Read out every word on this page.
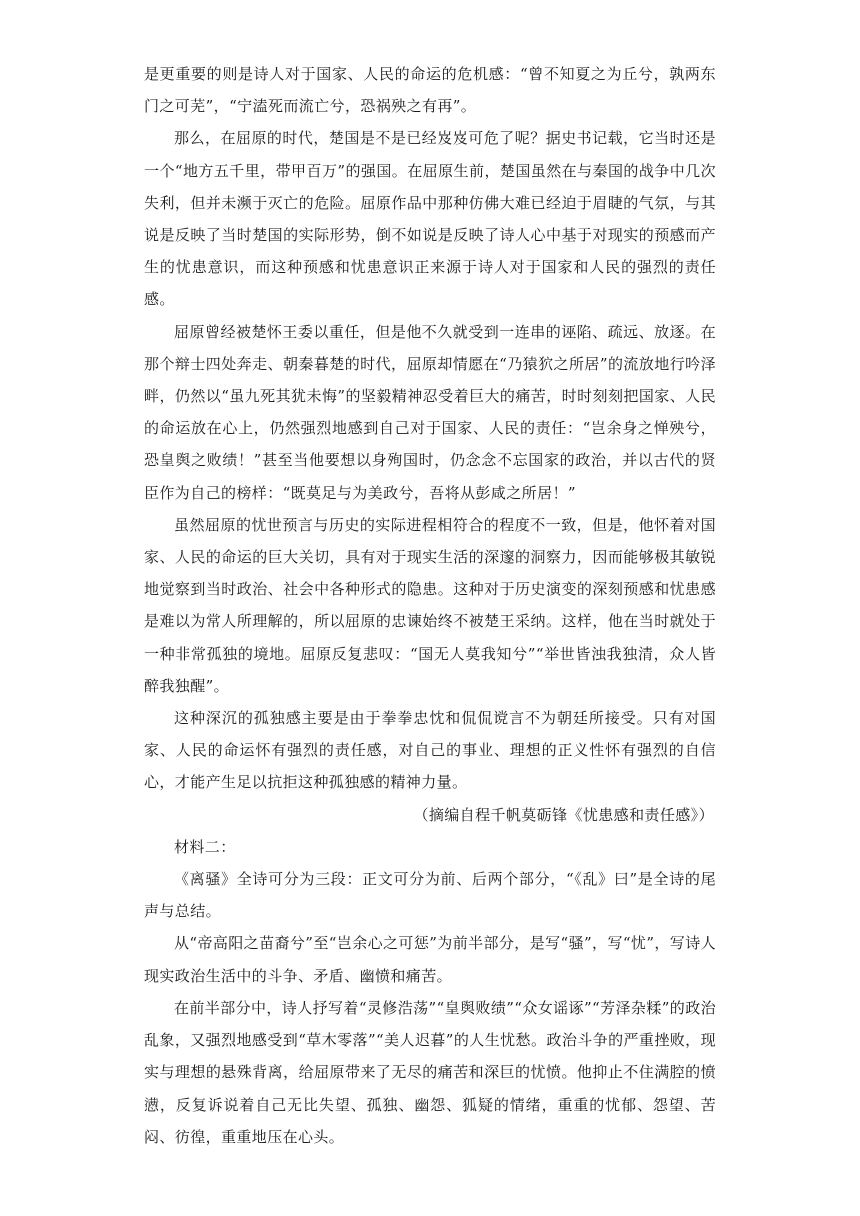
是更重要的则是诗人对于国家、人民的命运的危机感：“曾不知夏之为丘兮，孰两东门之可芜”，“宁溘死而流亡兮，恐祸殃之有再”。

那么，在屈原的时代，楚国是不是已经岌岌可危了呢？据史书记载，它当时还是一个“地方五千里，带甲百万”的强国。在屈原生前，楚国虽然在与秦国的战争中几次失利，但并未濒于灭亡的危险。屈原作品中那种仿佛大难已经迫于眉睫的气氛，与其说是反映了当时楚国的实际形势，倒不如说是反映了诗人心中基于对现实的预感而产生的忧患意识，而这种预感和忧患意识正来源于诗人对于国家和人民的强烈的责任感。

屈原曾经被楚怀王委以重任，但是他不久就受到一连串的诬陷、疏远、放逐。在那个辩士四处奔走、朝秦暮楚的时代，屈原却情愿在“乃猿狖之所居”的流放地行吟泽畔，仍然以“虽九死其犹未悔”的坚毅精神忍受着巨大的痛苦，时时刻刻把国家、人民的命运放在心上，仍然强烈地感到自己对于国家、人民的责任：“岂余身之惮殃兮，恐皇舆之败绩！”甚至当他要想以身殉国时，仍念念不忘国家的政治，并以古代的贤臣作为自己的榜样：“既莫足与为美政兮，吾将从彭咸之所居！”

虽然屈原的忧世预言与历史的实际进程相符合的程度不一致，但是，他怀着对国家、人民的命运的巨大关切，具有对于现实生活的深邃的洞察力，因而能够极其敏锐地觉察到当时政治、社会中各种形式的隐患。这种对于历史演变的深刻预感和忧患感是难以为常人所理解的，所以屈原的忠谏始终不被楚王采纳。这样，他在当时就处于一种非常孤独的境地。屈原反复悲叹：“国无人莫我知兮”“举世皆浊我独清，众人皆醉我独醒”。

这种深沉的孤独感主要是由于拳拳忠忱和侃侃谠言不为朝廷所接受。只有对国家、人民的命运怀有强烈的责任感，对自己的事业、理想的正义性怀有强烈的自信心，才能产生足以抗拒这种孤独感的精神力量。

（摘编自程千帆莫砺锋《忧患感和责任感》）

材料二：

《离骚》全诗可分为三段：正文可分为前、后两个部分，“《乱》曰”是全诗的尾声与总结。

从“帝高阳之苗裔兮”至“岂余心之可惩”为前半部分，是写“骚”，写“忧”，写诗人现实政治生活中的斗争、矛盾、幽愤和痛苦。

在前半部分中，诗人抒写着“灵修浩荡”“皇舆败绩”“众女谣诼”“芳泽杂糅”的政治乱象，又强烈地感受到“草木零落”“美人迟暮”的人生忧愁。政治斗争的严重挫败，现实与理想的悬殊背离，给屈原带来了无尽的痛苦和深巨的忧愤。他抑止不住满腔的愤懑，反复诉说着自己无比失望、孤独、幽怨、狐疑的情绪，重重的忧郁、怨望、苦闷、彷徨，重重地压在心头。
